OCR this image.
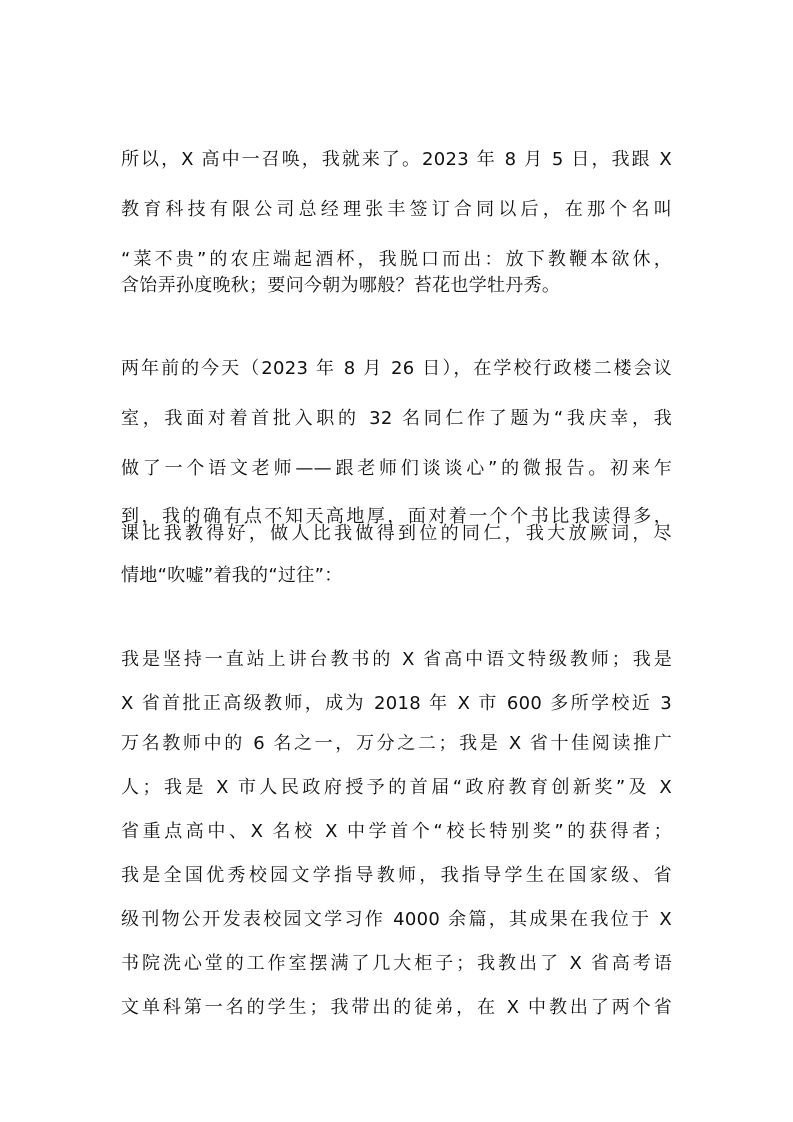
所以，X 高中一召唤，我就来了。2023 年 8 月 5 日，我跟 X
教育科技有限公司总经理张丰签订合同以后，在那个名叫
“菜不贵”的农庄端起酒杯，我脱口而出：放下教鞭本欲休，
含饴弄孙度晚秋；要问今朝为哪般？苔花也学牡丹秀。
两年前的今天（2023 年 8 月 26 日），在学校行政楼二楼会议
室，我面对着首批入职的 32 名同仁作了题为“我庆幸，我
做了一个语文老师——跟老师们谈谈心”的微报告。初来乍
到，我的确有点不知天高地厚，面对着一个个书比我读得多，
课比我教得好，做人比我做得到位的同仁，我大放厥词，尽
情地“吹嘘”着我的“过往”：
我是坚持一直站上讲台教书的 X 省高中语文特级教师；我是
X 省首批正高级教师，成为 2018 年 X 市 600 多所学校近 3
万名教师中的 6 名之一，万分之二；我是 X 省十佳阅读推广
人；我是 X 市人民政府授予的首届“政府教育创新奖”及 X
省重点高中、X 名校 X 中学首个“校长特别奖”的获得者；
我是全国优秀校园文学指导教师，我指导学生在国家级、省
级刊物公开发表校园文学习作 4000 余篇，其成果在我位于 X
书院洗心堂的工作室摆满了几大柜子；我教出了 X 省高考语
文单科第一名的学生；我带出的徒弟，在 X 中教出了两个省
